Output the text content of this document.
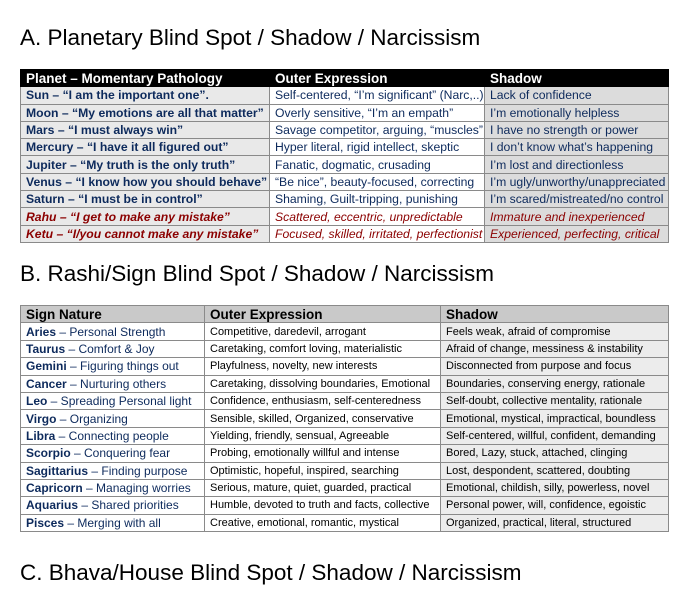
A. Planetary Blind Spot / Shadow / Narcissism
Planet – Momentary Pathology	Outer Expression	Shadow
Sun – “I am the important one”.	Self-centered, “I’m significant” (Narc,..)	Lack of confidence
Moon – “My emotions are all that matter”	Overly sensitive, “I’m an empath”	I’m emotionally helpless
Mars – “I must always win”	Savage competitor, arguing, “muscles”	I have no strength or power
Mercury – “I have it all figured out”	Hyper literal, rigid intellect, skeptic	I don’t know what’s happening
Jupiter – “My truth is the only truth”	Fanatic, dogmatic, crusading	I’m lost and directionless
Venus – “I know how you should behave”	“Be nice”, beauty-focused, correcting	I’m ugly/unworthy/unappreciated
Saturn – “I must be in control”	Shaming, Guilt-tripping, punishing	I’m scared/mistreated/no control
Rahu – “I get to make any mistake”	Scattered, eccentric, unpredictable	Immature and inexperienced
Ketu – “I/you cannot make any mistake”	Focused, skilled, irritated, perfectionist	Experienced, perfecting, critical
B. Rashi/Sign Blind Spot / Shadow / Narcissism
Sign Nature	Outer Expression	Shadow
Aries – Personal Strength	Competitive, daredevil, arrogant	Feels weak, afraid of compromise
Taurus – Comfort & Joy	Caretaking, comfort loving, materialistic	Afraid of change, messiness & instability
Gemini – Figuring things out	Playfulness, novelty, new interests	Disconnected from purpose and focus
Cancer – Nurturing others	Caretaking, dissolving boundaries, Emotional	Boundaries, conserving energy, rationale
Leo – Spreading Personal light	Confidence, enthusiasm, self-centeredness	Self-doubt, collective mentality, rationale
Virgo – Organizing	Sensible, skilled, Organized, conservative	Emotional, mystical, impractical, boundless
Libra – Connecting people	Yielding, friendly, sensual, Agreeable	Self-centered, willful, confident, demanding
Scorpio – Conquering fear	Probing, emotionally willful and intense	Bored, Lazy, stuck, attached, clinging
Sagittarius – Finding purpose	Optimistic, hopeful, inspired, searching	Lost, despondent, scattered, doubting
Capricorn – Managing worries	Serious, mature, quiet, guarded, practical	Emotional, childish, silly, powerless, novel
Aquarius – Shared priorities	Humble, devoted to truth and facts, collective	Personal power, will, confidence, egoistic
Pisces – Merging with all	Creative, emotional, romantic, mystical	Organized, practical, literal, structured
C. Bhava/House Blind Spot / Shadow / Narcissism
